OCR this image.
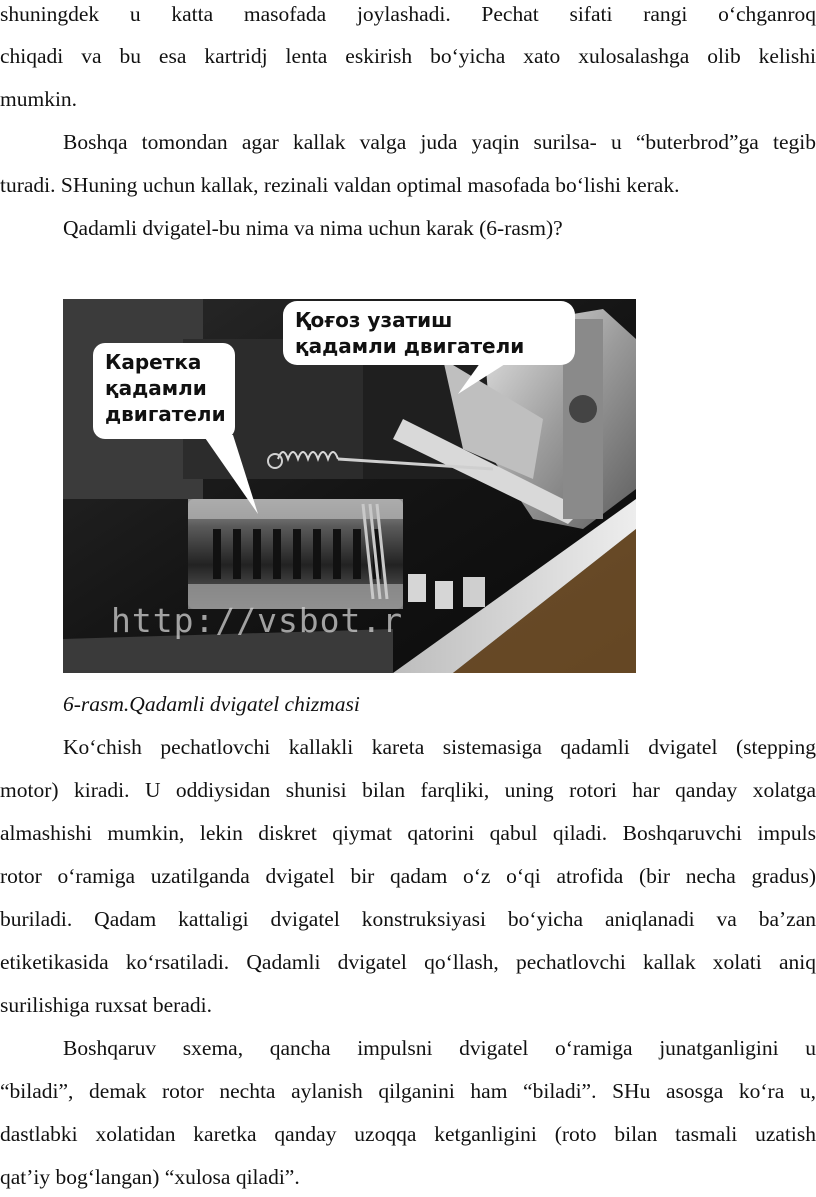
shuningdek u katta masofada joylashadi. Pechat sifati rangi o‘chganroq
chiqadi va bu esa kartridj lenta eskirish bo‘yicha xato xulosalashga olib kelishi
mumkin.
Boshqa tomondan agar kallak valga juda yaqin surilsa- u “buterbrod”ga tegib
turadi. SHuning uchun kallak, rezinali valdan optimal masofada bo‘lishi kerak.
Qadamli dvigatel-bu nima va nima uchun karak (6-rasm)?
Каретка
қадамли
двигатели
Қоғоз узатиш
қадамли двигатели
http://vsbot.r
6-rasm.Qadamli dvigatel chizmasi
Ko‘chish pechatlovchi kallakli kareta sistemasiga qadamli dvigatel (stepping
motor) kiradi. U oddiysidan shunisi bilan farqliki, uning rotori har qanday xolatga
almashishi mumkin, lekin diskret qiymat qatorini qabul qiladi. Boshqaruvchi impuls
rotor o‘ramiga uzatilganda dvigatel bir qadam o‘z o‘qi atrofida (bir necha gradus)
buriladi. Qadam kattaligi dvigatel konstruksiyasi bo‘yicha aniqlanadi va ba’zan
etiketikasida ko‘rsatiladi. Qadamli dvigatel qo‘llash, pechatlovchi kallak xolati aniq
surilishiga ruxsat beradi.
Boshqaruv sxema, qancha impulsni dvigatel o‘ramiga junatganligini u
“biladi”, demak rotor nechta aylanish qilganini ham “biladi”. SHu asosga ko‘ra u,
dastlabki xolatidan karetka qanday uzoqqa ketganligini (roto bilan tasmali uzatish
qat’iy bog‘langan) “xulosa qiladi”.
